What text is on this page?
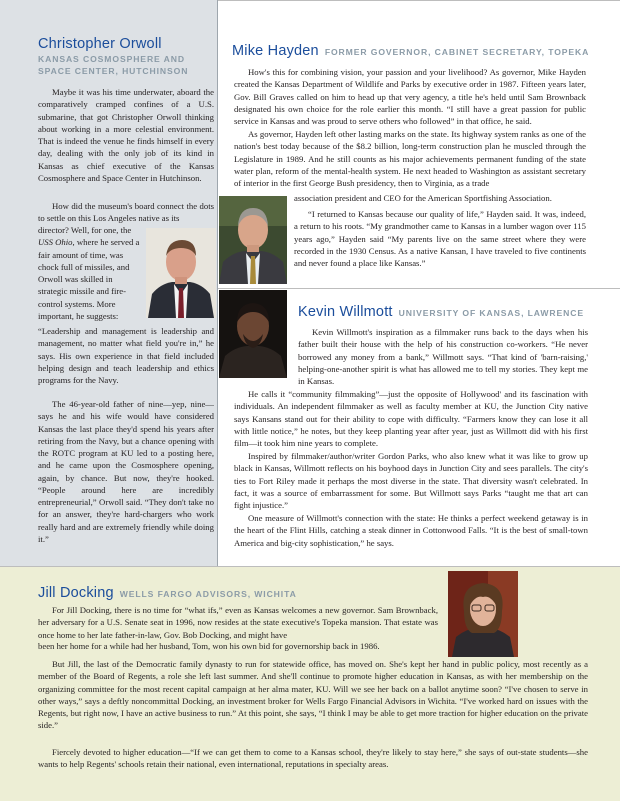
Christopher Orwoll
KANSAS COSMOSPHERE AND SPACE CENTER, HUTCHINSON

Maybe it was his time underwater, aboard the comparatively cramped confines of a U.S. submarine, that got Christopher Orwoll thinking about working in a more celestial environment. That is indeed the venue he finds himself in every day, dealing with the only job of its kind in Kansas as chief executive of the Kansas Cosmosphere and Space Center in Hutchinson.

How did the museum's board connect the dots to settle on this Los Angeles native as its

director? Well, for one, the USS Ohio, where he served a fair amount of time, was chock full of missiles, and Orwoll was skilled in strategic missile and fire-control systems. More important, he suggests:

“Leadership and management is leadership and management, no matter what field you're in,” he says. His own experience in that field included helping design and teach leadership and ethics programs for the Navy.

The 46-year-old father of nine—yep, nine—says he and his wife would have considered Kansas the last place they'd spend his years after retiring from the Navy, but a chance opening with the ROTC program at KU led to a posting here, and he came upon the Cosmosphere opening, again, by chance. But now, they're hooked. “People around here are incredibly entrepreneurial,” Orwoll said. “They don't take no for an answer, they're hard-chargers who work really hard and are extremely friendly while doing it.”

Mike Hayden FORMER GOVERNOR, CABINET SECRETARY, TOPEKA

How's this for combining vision, your passion and your livelihood? As governor, Mike Hayden created the Kansas Department of Wildlife and Parks by executive order in 1987. Fifteen years later, Gov. Bill Graves called on him to head up that very agency, a title he's held until Sam Brownback designated his own choice for the role earlier this month. “I still have a great passion for public service in Kansas and was proud to serve others who followed” in that office, he said.

As governor, Hayden left other lasting marks on the state. Its highway system ranks as one of the nation's best today because of the $8.2 billion, long-term construction plan he muscled through the Legislature in 1989. And he still counts as his major achievements permanent funding of the state water plan, reform of the mental-health system. He next headed to Washington as assistant secretary of interior in the first George Bush presidency, then to Virginia, as a trade

association president and CEO for the American Sportfishing Association.

“I returned to Kansas because our quality of life,” Hayden said. It was, indeed, a return to his roots. “My grandmother came to Kansas in a lumber wagon over 115 years ago,” Hayden said “My parents live on the same street where they were recorded in the 1930 Census. As a native Kansan, I have traveled to five continents and never found a place like Kansas.”

Kevin Willmott UNIVERSITY OF KANSAS, LAWRENCE

Kevin Willmott's inspiration as a filmmaker runs back to the days when his father built their house with the help of his construction co-workers. “He never borrowed any money from a bank,” Willmott says. “That kind of 'barn-raising,' helping-one-another spirit is what has allowed me to tell my stories. They kept me in Kansas.

He calls it “community filmmaking”—just the opposite of Hollywood' and its fascination with individuals. An independent filmmaker as well as faculty member at KU, the Junction City native says Kansans stand out for their ability to cope with difficulty. “Farmers know they can lose it all with little notice,” he notes, but they keep planting year after year, just as Willmott did with his first film—it took him nine years to complete.

Inspired by filmmaker/author/writer Gordon Parks, who also knew what it was like to grow up black in Kansas, Willmott reflects on his boyhood days in Junction City and sees parallels. The city's ties to Fort Riley made it perhaps the most diverse in the state. That diversity wasn't celebrated. In fact, it was a source of embarrassment for some. But Willmott says Parks “taught me that art can fight injustice.”

One measure of Willmott's connection with the state: He thinks a perfect weekend getaway is in the heart of the Flint Hills, catching a steak dinner in Cottonwood Falls. “It is the best of small-town America and big-city sophistication,” he says.

Jill Docking WELLS FARGO ADVISORS, WICHITA

For Jill Docking, there is no time for “what ifs,” even as Kansas welcomes a new governor. Sam Brownback, her adversary for a U.S. Senate seat in 1996, now resides at the state executive's Topeka mansion. That estate was once home to her late father-in-law, Gov. Bob Docking, and might have

been her home for a while had her husband, Tom, won his own bid for governorship back in 1986.

But Jill, the last of the Democratic family dynasty to run for statewide office, has moved on. She's kept her hand in public policy, most recently as a member of the Board of Regents, a role she left last summer. And she'll continue to promote higher education in Kansas, as with her membership on the organizing committee for the most recent capital campaign at her alma mater, KU. Will we see her back on a ballot anytime soon? “I've chosen to serve in other ways,” says a deftly noncommittal Docking, an investment broker for Wells Fargo Financial Advisors in Wichita. “I've worked hard on issues with the Regents, but right now, I have an active business to run.” At this point, she says, “I think I may be able to get more traction for higher education on the private side.”

Fiercely devoted to higher education—“If we can get them to come to a Kansas school, they're likely to stay here,” she says of out-state students—she wants to help Regents' schools retain their national, even international, reputations in specialty areas.
